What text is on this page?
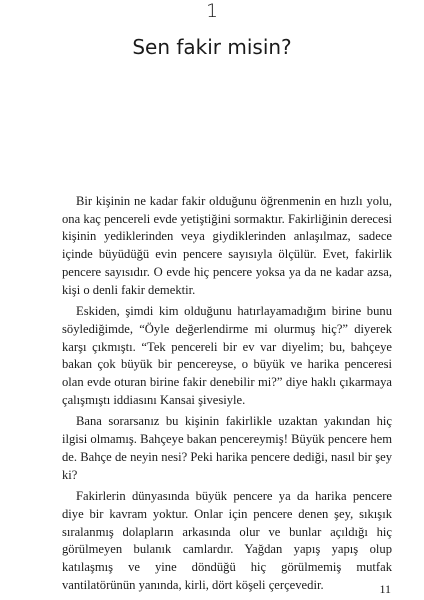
1
Sen fakir misin?

Bir kişinin ne kadar fakir olduğunu öğrenmenin en hızlı yolu, ona kaç pencereli evde yetiştiğini sormaktır. Fakirliğinin derecesi kişinin yediklerinden veya giydiklerinden anlaşılmaz, sadece içinde büyüdüğü evin pencere sayısıyla ölçülür. Evet, fakirlik pencere sayısıdır. O evde hiç pencere yoksa ya da ne kadar azsa, kişi o denli fakir demektir.

Eskiden, şimdi kim olduğunu hatırlayamadığım birine bunu söylediğimde, “Öyle değerlendirme mi olurmuş hiç?” diyerek karşı çıkmıştı. “Tek pencereli bir ev var diyelim; bu, bahçeye bakan çok büyük bir pencereyse, o büyük ve harika penceresi olan evde oturan birine fakir denebilir mi?” diye haklı çıkarmaya çalışmıştı iddiasını Kansai şivesiyle.

Bana sorarsanız bu kişinin fakirlikle uzaktan yakından hiç ilgisi olmamış. Bahçeye bakan pencereymiş! Büyük pencere hem de. Bahçe de neyin nesi? Peki harika pencere dediği, nasıl bir şey ki?

Fakirlerin dünyasında büyük pencere ya da harika pencere diye bir kavram yoktur. Onlar için pencere denen şey, sıkışık sıralanmış dolapların arkasında olur ve bunlar açıldığı hiç görülmeyen bulanık camlardır. Yağdan yapış yapış olup katılaşmış ve yine döndüğü hiç görülmemiş mutfak vantilatörünün yanında, kirli, dört köşeli çerçevedir.	11
